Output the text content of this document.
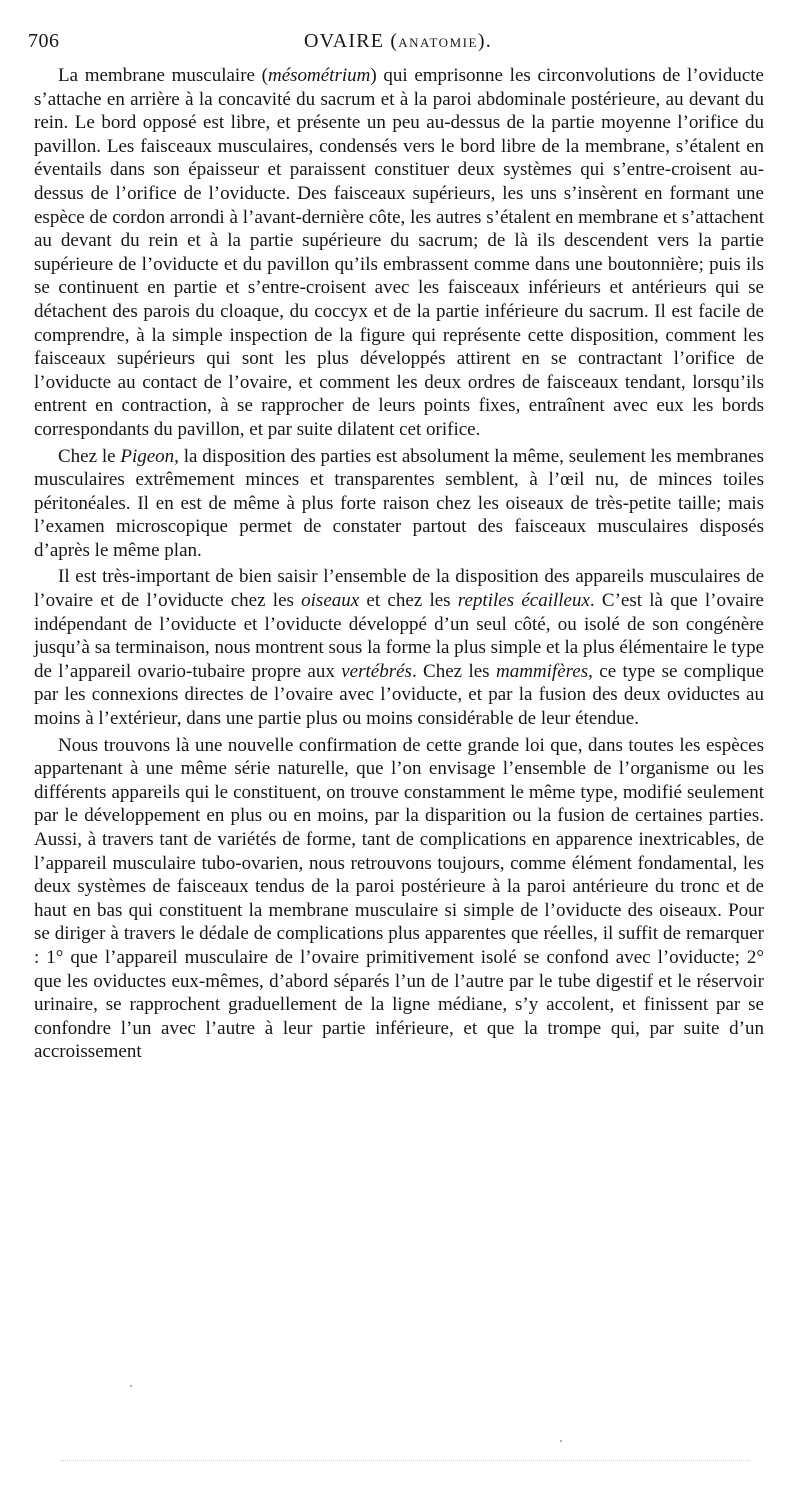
706	OVAIRE (ANATOMIE).

La membrane musculaire (mésométrium) qui emprisonne les circonvolutions de l’oviducte s’attache en arrière à la concavité du sacrum et à la paroi abdominale postérieure, au devant du rein. Le bord opposé est libre, et présente un peu au-dessus de la partie moyenne l’orifice du pavillon. Les faisceaux musculaires, condensés vers le bord libre de la membrane, s’étalent en éventails dans son épaisseur et paraissent constituer deux systèmes qui s’entre-croisent au-dessus de l’orifice de l’oviducte. Des faisceaux supérieurs, les uns s’insèrent en formant une espèce de cordon arrondi à l’avant-dernière côte, les autres s’étalent en membrane et s’attachent au devant du rein et à la partie supérieure du sacrum; de là ils descendent vers la partie supérieure de l’oviducte et du pavillon qu’ils embrassent comme dans une boutonnière; puis ils se continuent en partie et s’entre-croisent avec les faisceaux inférieurs et antérieurs qui se détachent des parois du cloaque, du coccyx et de la partie inférieure du sacrum. Il est facile de comprendre, à la simple inspection de la figure qui représente cette disposition, comment les faisceaux supérieurs qui sont les plus développés attirent en se contractant l’orifice de l’oviducte au contact de l’ovaire, et comment les deux ordres de faisceaux tendant, lorsqu’ils entrent en contraction, à se rapprocher de leurs points fixes, entraînent avec eux les bords correspondants du pavillon, et par suite dilatent cet orifice.

Chez le Pigeon, la disposition des parties est absolument la même, seulement les membranes musculaires extrêmement minces et transparentes semblent, à l’œil nu, de minces toiles péritonéales. Il en est de même à plus forte raison chez les oiseaux de très-petite taille; mais l’examen microscopique permet de constater partout des faisceaux musculaires disposés d’après le même plan.

Il est très-important de bien saisir l’ensemble de la disposition des appareils musculaires de l’ovaire et de l’oviducte chez les oiseaux et chez les reptiles écailleux. C’est là que l’ovaire indépendant de l’oviducte et l’oviducte développé d’un seul côté, ou isolé de son congénère jusqu’à sa terminaison, nous montrent sous la forme la plus simple et la plus élémentaire le type de l’appareil ovario-tubaire propre aux vertébrés. Chez les mammifères, ce type se complique par les connexions directes de l’ovaire avec l’oviducte, et par la fusion des deux oviductes au moins à l’extérieur, dans une partie plus ou moins considérable de leur étendue.

Nous trouvons là une nouvelle confirmation de cette grande loi que, dans toutes les espèces appartenant à une même série naturelle, que l’on envisage l’ensemble de l’organisme ou les différents appareils qui le constituent, on trouve constamment le même type, modifié seulement par le développement en plus ou en moins, par la disparition ou la fusion de certaines parties. Aussi, à travers tant de variétés de forme, tant de complications en apparence inextricables, de l’appareil musculaire tubo-ovarien, nous retrouvons toujours, comme élément fondamental, les deux systèmes de faisceaux tendus de la paroi postérieure à la paroi antérieure du tronc et de haut en bas qui constituent la membrane musculaire si simple de l’oviducte des oiseaux. Pour se diriger à travers le dédale de complications plus apparentes que réelles, il suffit de remarquer : 1° que l’appareil musculaire de l’ovaire primitivement isolé se confond avec l’oviducte; 2° que les oviductes eux-mêmes, d’abord séparés l’un de l’autre par le tube digestif et le réservoir urinaire, se rapprochent graduellement de la ligne médiane, s’y accolent, et finissent par se confondre l’un avec l’autre à leur partie inférieure, et que la trompe qui, par suite d’un accroissement
